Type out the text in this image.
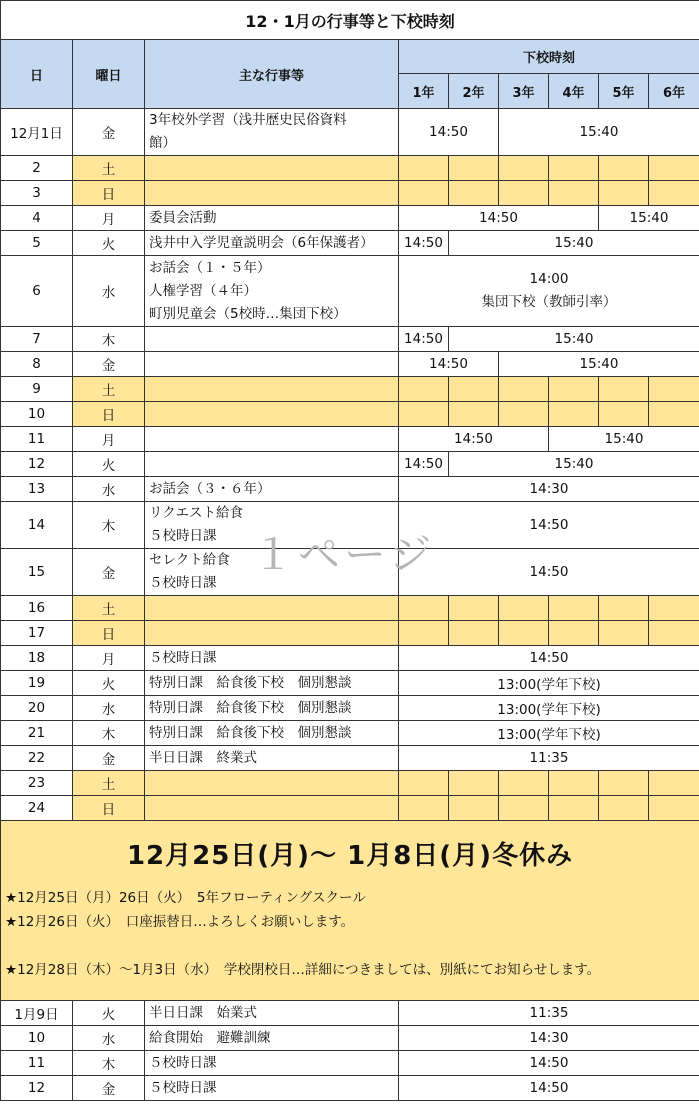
12・1月の行事等と下校時刻								
日	曜日	主な行事等	下校時刻					
			1年	2年	3年	4年	5年	6年
12月1日	金	3年校外学習（浅井歴史民俗資料
館）	14:50		15:40			
2	土							
3	日							
4	月	委員会活動	14:50				15:40	
5	火	浅井中入学児童説明会（6年保護者）	14:50	15:40				
6	水	お話会（１・５年）
人権学習（４年）
町別児童会（5校時…集団下校）	14:00
集団下校（教師引率）					

7	木		14:50	15:40				
8	金		14:50		15:40			
9	土							
10	日							
11	月		14:50			15:40		
12	火		14:50	15:40				
13	水	お話会（３・６年）	14:30					
14	木	リクエスト給食
５校時日課	14:50					
15	金	セレクト給食
５校時日課	14:50					
16	土							
17	日							
18	月	５校時日課	14:50					
19	火	特別日課　給食後下校　個別懇談	13:00(学年下校)					
20	水	特別日課　給食後下校　個別懇談	13:00(学年下校)					
21	木	特別日課　給食後下校　個別懇談	13:00(学年下校)					
22	金	半日日課　終業式	11:35					
23	土							
24	日							

12月25日(月)～ 1月8日(月)冬休み
★12月25日（月）26日（火）　5年フローティングスクール
★12月26日（火）　口座振替日…よろしくお願いします。
★12月28日（木）～1月3日（水）　学校閉校日…詳細につきましては、別紙にてお知らせします。								

1月9日	火	半日日課　始業式	11:35					
10	水	給食開始　避難訓練	14:30					
11	木	５校時日課	14:50					
12	金	５校時日課	14:50					
１ページ
